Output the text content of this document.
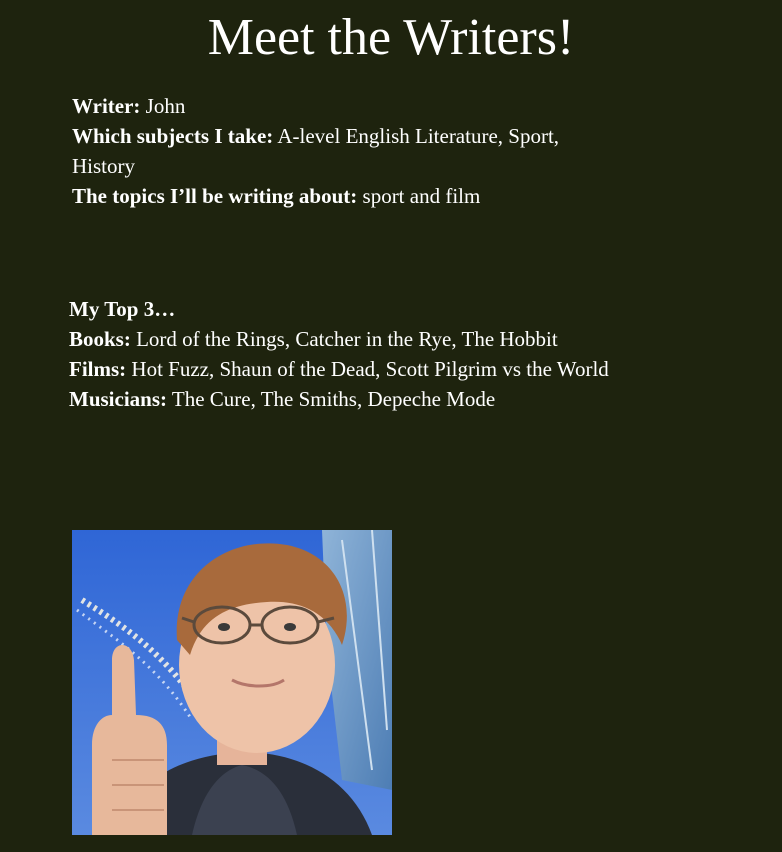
Meet the Writers!

Writer: John

Which subjects I take: A-level English Literature, Sport, History

The topics I’ll be writing about: sport and film

My Top 3…

Books: Lord of the Rings, Catcher in the Rye, The Hobbit

Films: Hot Fuzz, Shaun of the Dead, Scott Pilgrim vs the World

Musicians: The Cure, The Smiths, Depeche Mode
